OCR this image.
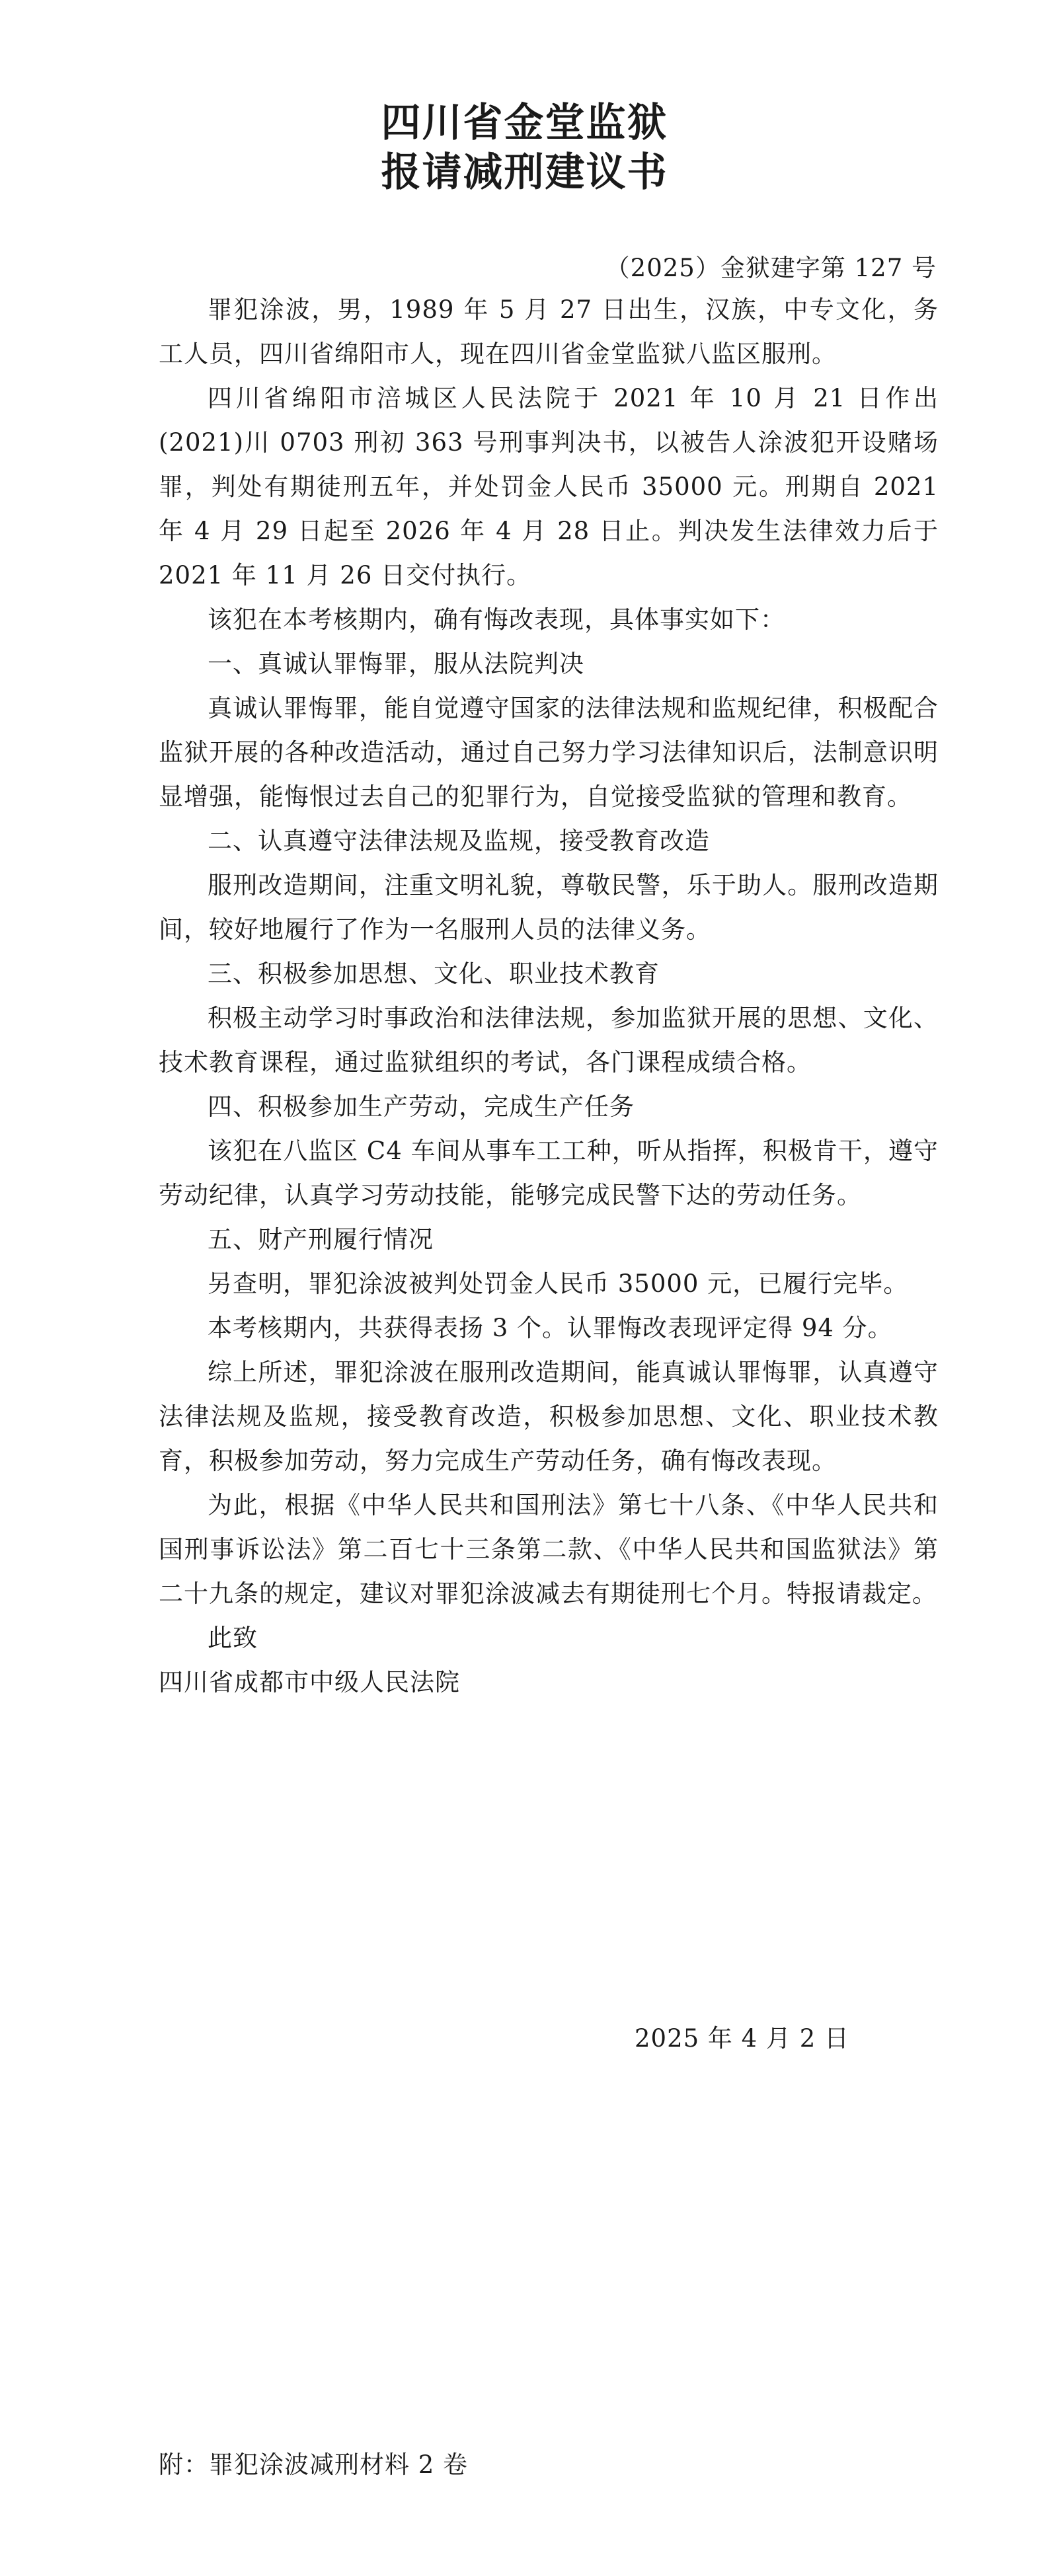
四川省金堂监狱
报请减刑建议书
（2025）金狱建字第 127 号

罪犯涂波，男，1989 年 5 月 27 日出生，汉族，中专文化，务工人员，四川省绵阳市人，现在四川省金堂监狱八监区服刑。

四川省绵阳市涪城区人民法院于 2021 年 10 月 21 日作出(2021)川 0703 刑初 363 号刑事判决书，以被告人涂波犯开设赌场罪，判处有期徒刑五年，并处罚金人民币 35000 元。刑期自 2021 年 4 月 29 日起至 2026 年 4 月 28 日止。判决发生法律效力后于 2021 年 11 月 26 日交付执行。

该犯在本考核期内，确有悔改表现，具体事实如下：

一、真诚认罪悔罪，服从法院判决

真诚认罪悔罪，能自觉遵守国家的法律法规和监规纪律，积极配合监狱开展的各种改造活动，通过自己努力学习法律知识后，法制意识明显增强，能悔恨过去自己的犯罪行为，自觉接受监狱的管理和教育。

二、认真遵守法律法规及监规，接受教育改造

服刑改造期间，注重文明礼貌，尊敬民警，乐于助人。服刑改造期间，较好地履行了作为一名服刑人员的法律义务。

三、积极参加思想、文化、职业技术教育

积极主动学习时事政治和法律法规，参加监狱开展的思想、文化、技术教育课程，通过监狱组织的考试，各门课程成绩合格。

四、积极参加生产劳动，完成生产任务

该犯在八监区 C4 车间从事车工工种，听从指挥，积极肯干，遵守劳动纪律，认真学习劳动技能，能够完成民警下达的劳动任务。

五、财产刑履行情况

另查明，罪犯涂波被判处罚金人民币 35000 元，已履行完毕。

本考核期内，共获得表扬 3 个。认罪悔改表现评定得 94 分。

综上所述，罪犯涂波在服刑改造期间，能真诚认罪悔罪，认真遵守法律法规及监规，接受教育改造，积极参加思想、文化、职业技术教育，积极参加劳动，努力完成生产劳动任务，确有悔改表现。

为此，根据《中华人民共和国刑法》第七十八条、《中华人民共和国刑事诉讼法》第二百七十三条第二款、《中华人民共和国监狱法》第二十九条的规定，建议对罪犯涂波减去有期徒刑七个月。特报请裁定。

此致

四川省成都市中级人民法院

2025 年 4 月 2 日
附：罪犯涂波减刑材料 2 卷
